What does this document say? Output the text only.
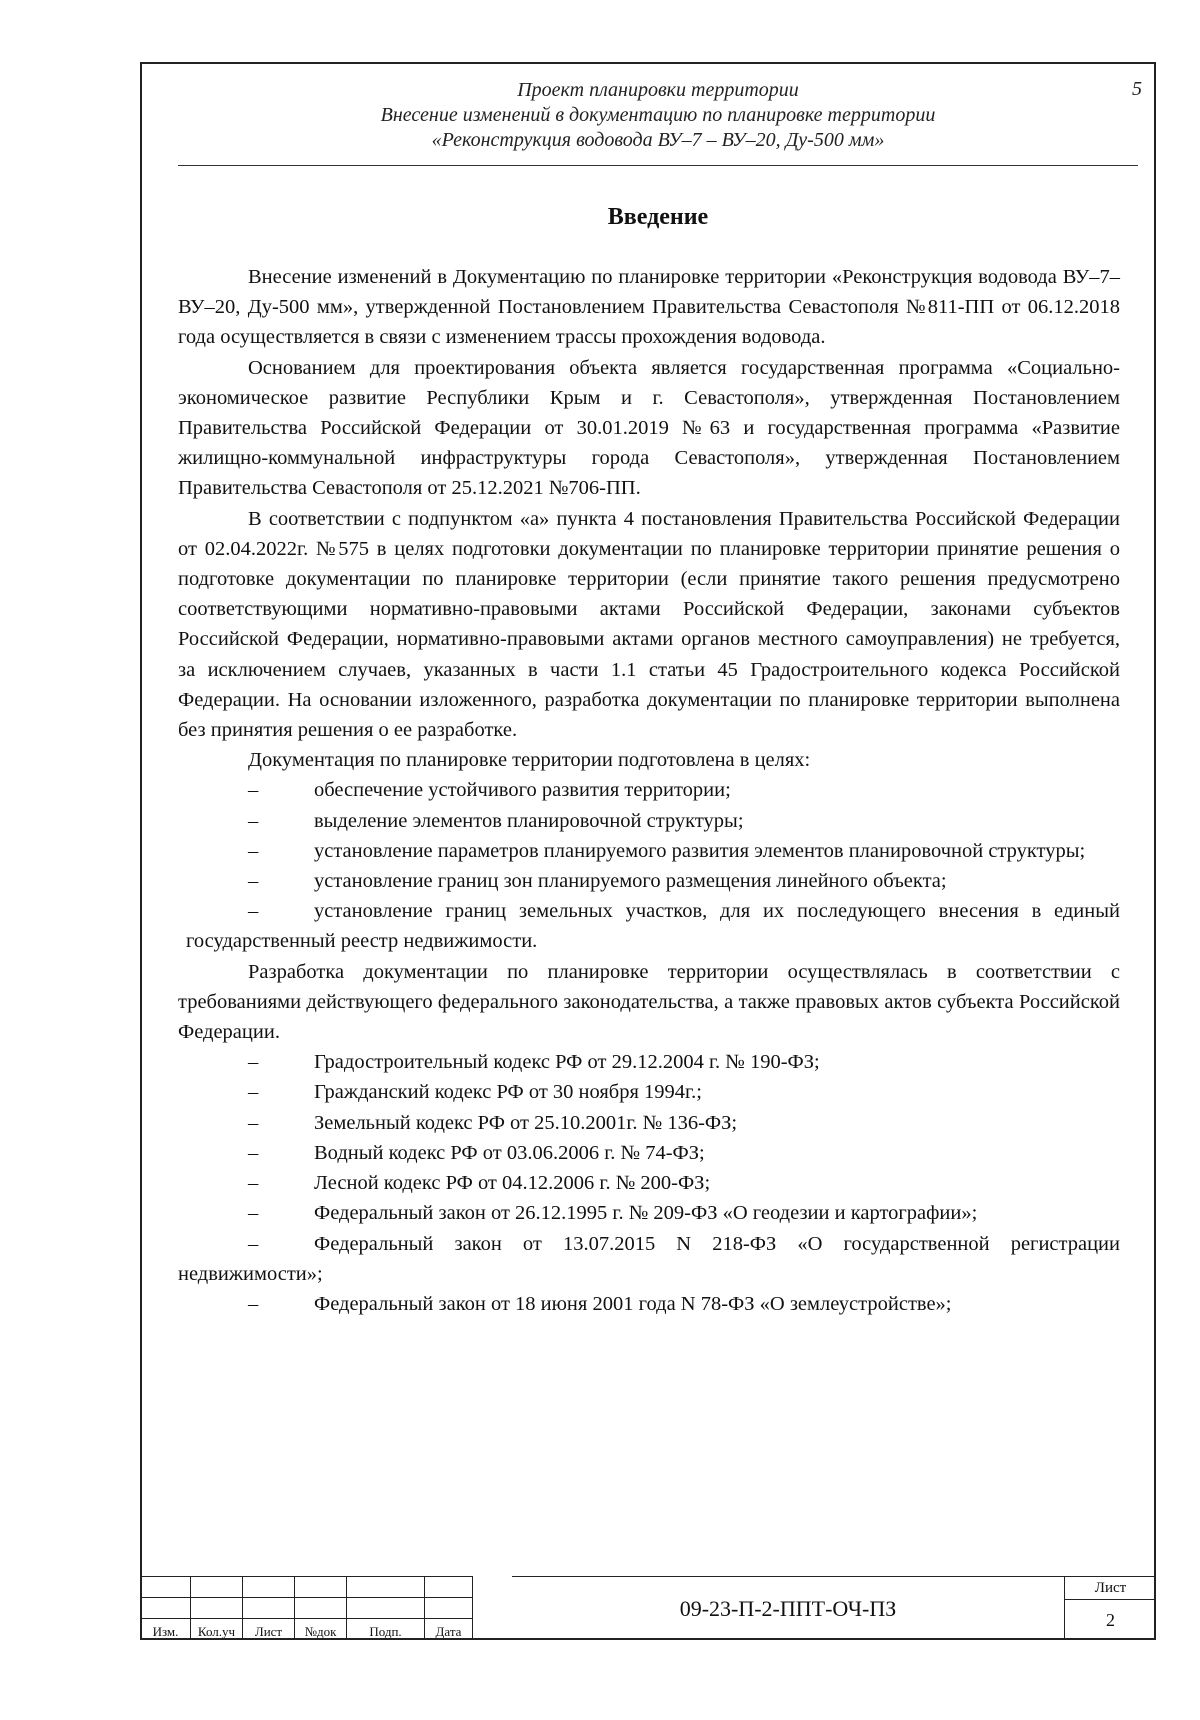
Проект планировки территории
Внесение изменений в документацию по планировке территории
«Реконструкция водовода ВУ–7 – ВУ–20, Ду-500 мм»
5
Введение

Внесение изменений в Документацию по планировке территории «Реконструкция водовода ВУ–7–ВУ–20, Ду-500 мм», утвержденной Постановлением Правительства Севастополя №811-ПП от 06.12.2018 года осуществляется в связи с изменением трассы прохождения водовода.

Основанием для проектирования объекта является государственная программа «Социально-экономическое развитие Республики Крым и г. Севастополя», утвержденная Постановлением Правительства Российской Федерации от 30.01.2019 №63 и государственная программа «Развитие жилищно-коммунальной инфраструктуры города Севастополя», утвержденная Постановлением Правительства Севастополя от 25.12.2021 №706-ПП.

В соответствии с подпунктом «а» пункта 4 постановления Правительства Российской Федерации от 02.04.2022г. №575 в целях подготовки документации по планировке территории принятие решения о подготовке документации по планировке территории (если принятие такого решения предусмотрено соответствующими нормативно-правовыми актами Российской Федерации, законами субъектов Российской Федерации, нормативно-правовыми актами органов местного самоуправления) не требуется, за исключением случаев, указанных в части 1.1 статьи 45 Градостроительного кодекса Российской Федерации. На основании изложенного, разработка документации по планировке территории выполнена без принятия решения о ее разработке.

Документация по планировке территории подготовлена в целях:

–	обеспечение устойчивого развития территории;
–	выделение элементов планировочной структуры;
–	установление параметров планируемого развития элементов планировочной структуры;
–	установление границ зон планируемого размещения линейного объекта;
–	установление границ земельных участков, для их последующего внесения в единый государственный реестр недвижимости.

Разработка документации по планировке территории осуществлялась в соответствии с требованиями действующего федерального законодательства, а также правовых актов субъекта Российской Федерации.

–	Градостроительный кодекс РФ от 29.12.2004 г. № 190-ФЗ;
–	Гражданский кодекс РФ от 30 ноября 1994г.;
–	Земельный кодекс РФ от 25.10.2001г. № 136-ФЗ;
–	Водный кодекс РФ от 03.06.2006 г. № 74-ФЗ;
–	Лесной кодекс РФ от 04.12.2006 г. № 200-ФЗ;
–	Федеральный закон от 26.12.1995 г. № 209-ФЗ «О геодезии и картографии»;
–	Федеральный закон от 13.07.2015 N 218-ФЗ «О государственной регистрации недвижимости»;
–	Федеральный закон от 18 июня 2001 года N 78-ФЗ «О землеустройстве»;

Изм.	Кол.уч	Лист	№док	Подп.	Дата
09-23-П-2-ППТ-ОЧ-ПЗ
Лист
2
